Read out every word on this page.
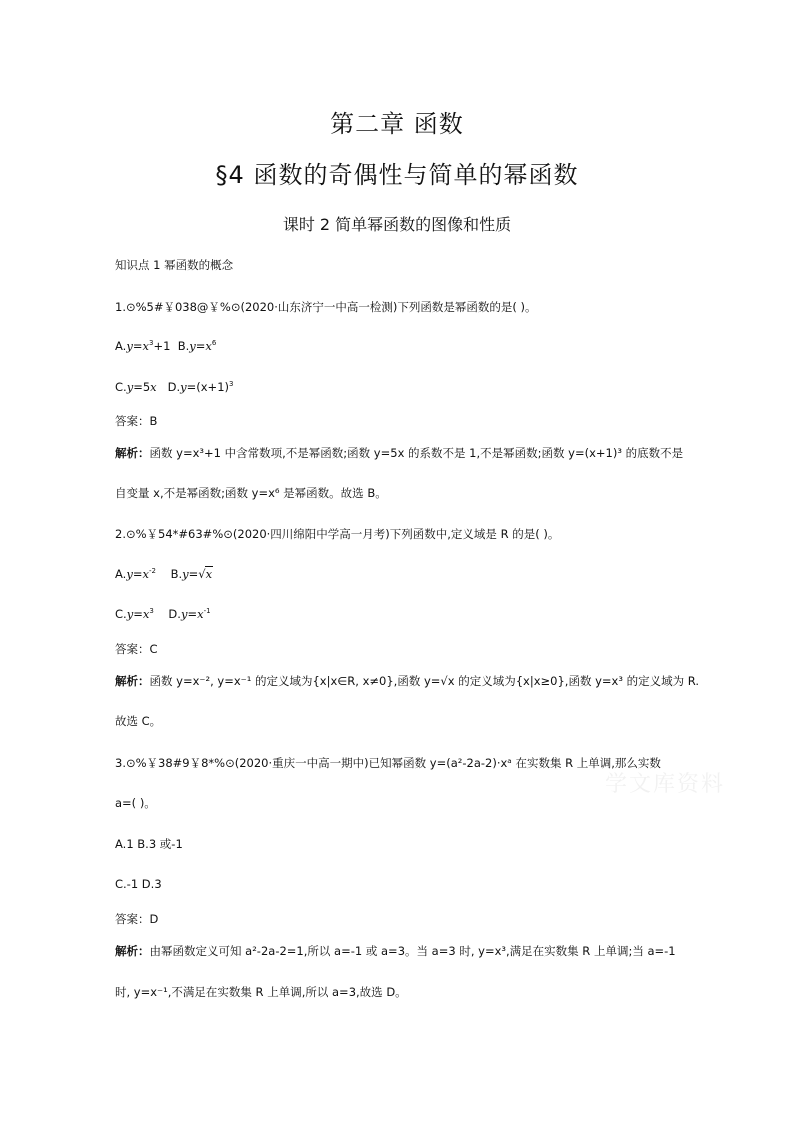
第二章 函数
§4 函数的奇偶性与简单的幂函数
课时 2 简单幂函数的图像和性质
知识点 1 幂函数的概念
1.⊙%5#￥038@￥%⊙(2020·山东济宁一中高一检测)下列函数是幂函数的是( )。
$A.y=x^3+1$ $B.y=x^6$
C.y=5x $D.y=(x+1)^3$
答案：B
解析：函数 y=x³+1 中含常数项,不是幂函数;函数 y=5x 的系数不是 1,不是幂函数;函数 y=(x+1)³ 的底数不是
自变量 x,不是幂函数;函数 y=x⁶ 是幂函数。故选 B。
2.⊙%￥54*#63#%⊙(2020·四川绵阳中学高一月考)下列函数中,定义域是 R 的是( )。
$A.y=x^{-2}$ B.y=√x
$C.y=x^3$ $D.y=x^{-1}$
答案：C
解析：函数 y=x⁻², y=x⁻¹ 的定义域为{x|x∈R, x≠0},函数 y=√x 的定义域为{x|x≥0},函数 y=x³ 的定义域为 R.
故选 C。
3.⊙%￥38#9￥8*%⊙(2020·重庆一中高一期中)已知幂函数 y=(a²-2a-2)·xᵃ 在实数集 R 上单调,那么实数
a=( )。
A.1 B.3 或-1
C.-1 D.3
答案：D
解析：由幂函数定义可知 a²-2a-2=1,所以 a=-1 或 a=3。当 a=3 时, y=x³,满足在实数集 R 上单调;当 a=-1
时, y=x⁻¹,不满足在实数集 R 上单调,所以 a=3,故选 D。
学文库资料
